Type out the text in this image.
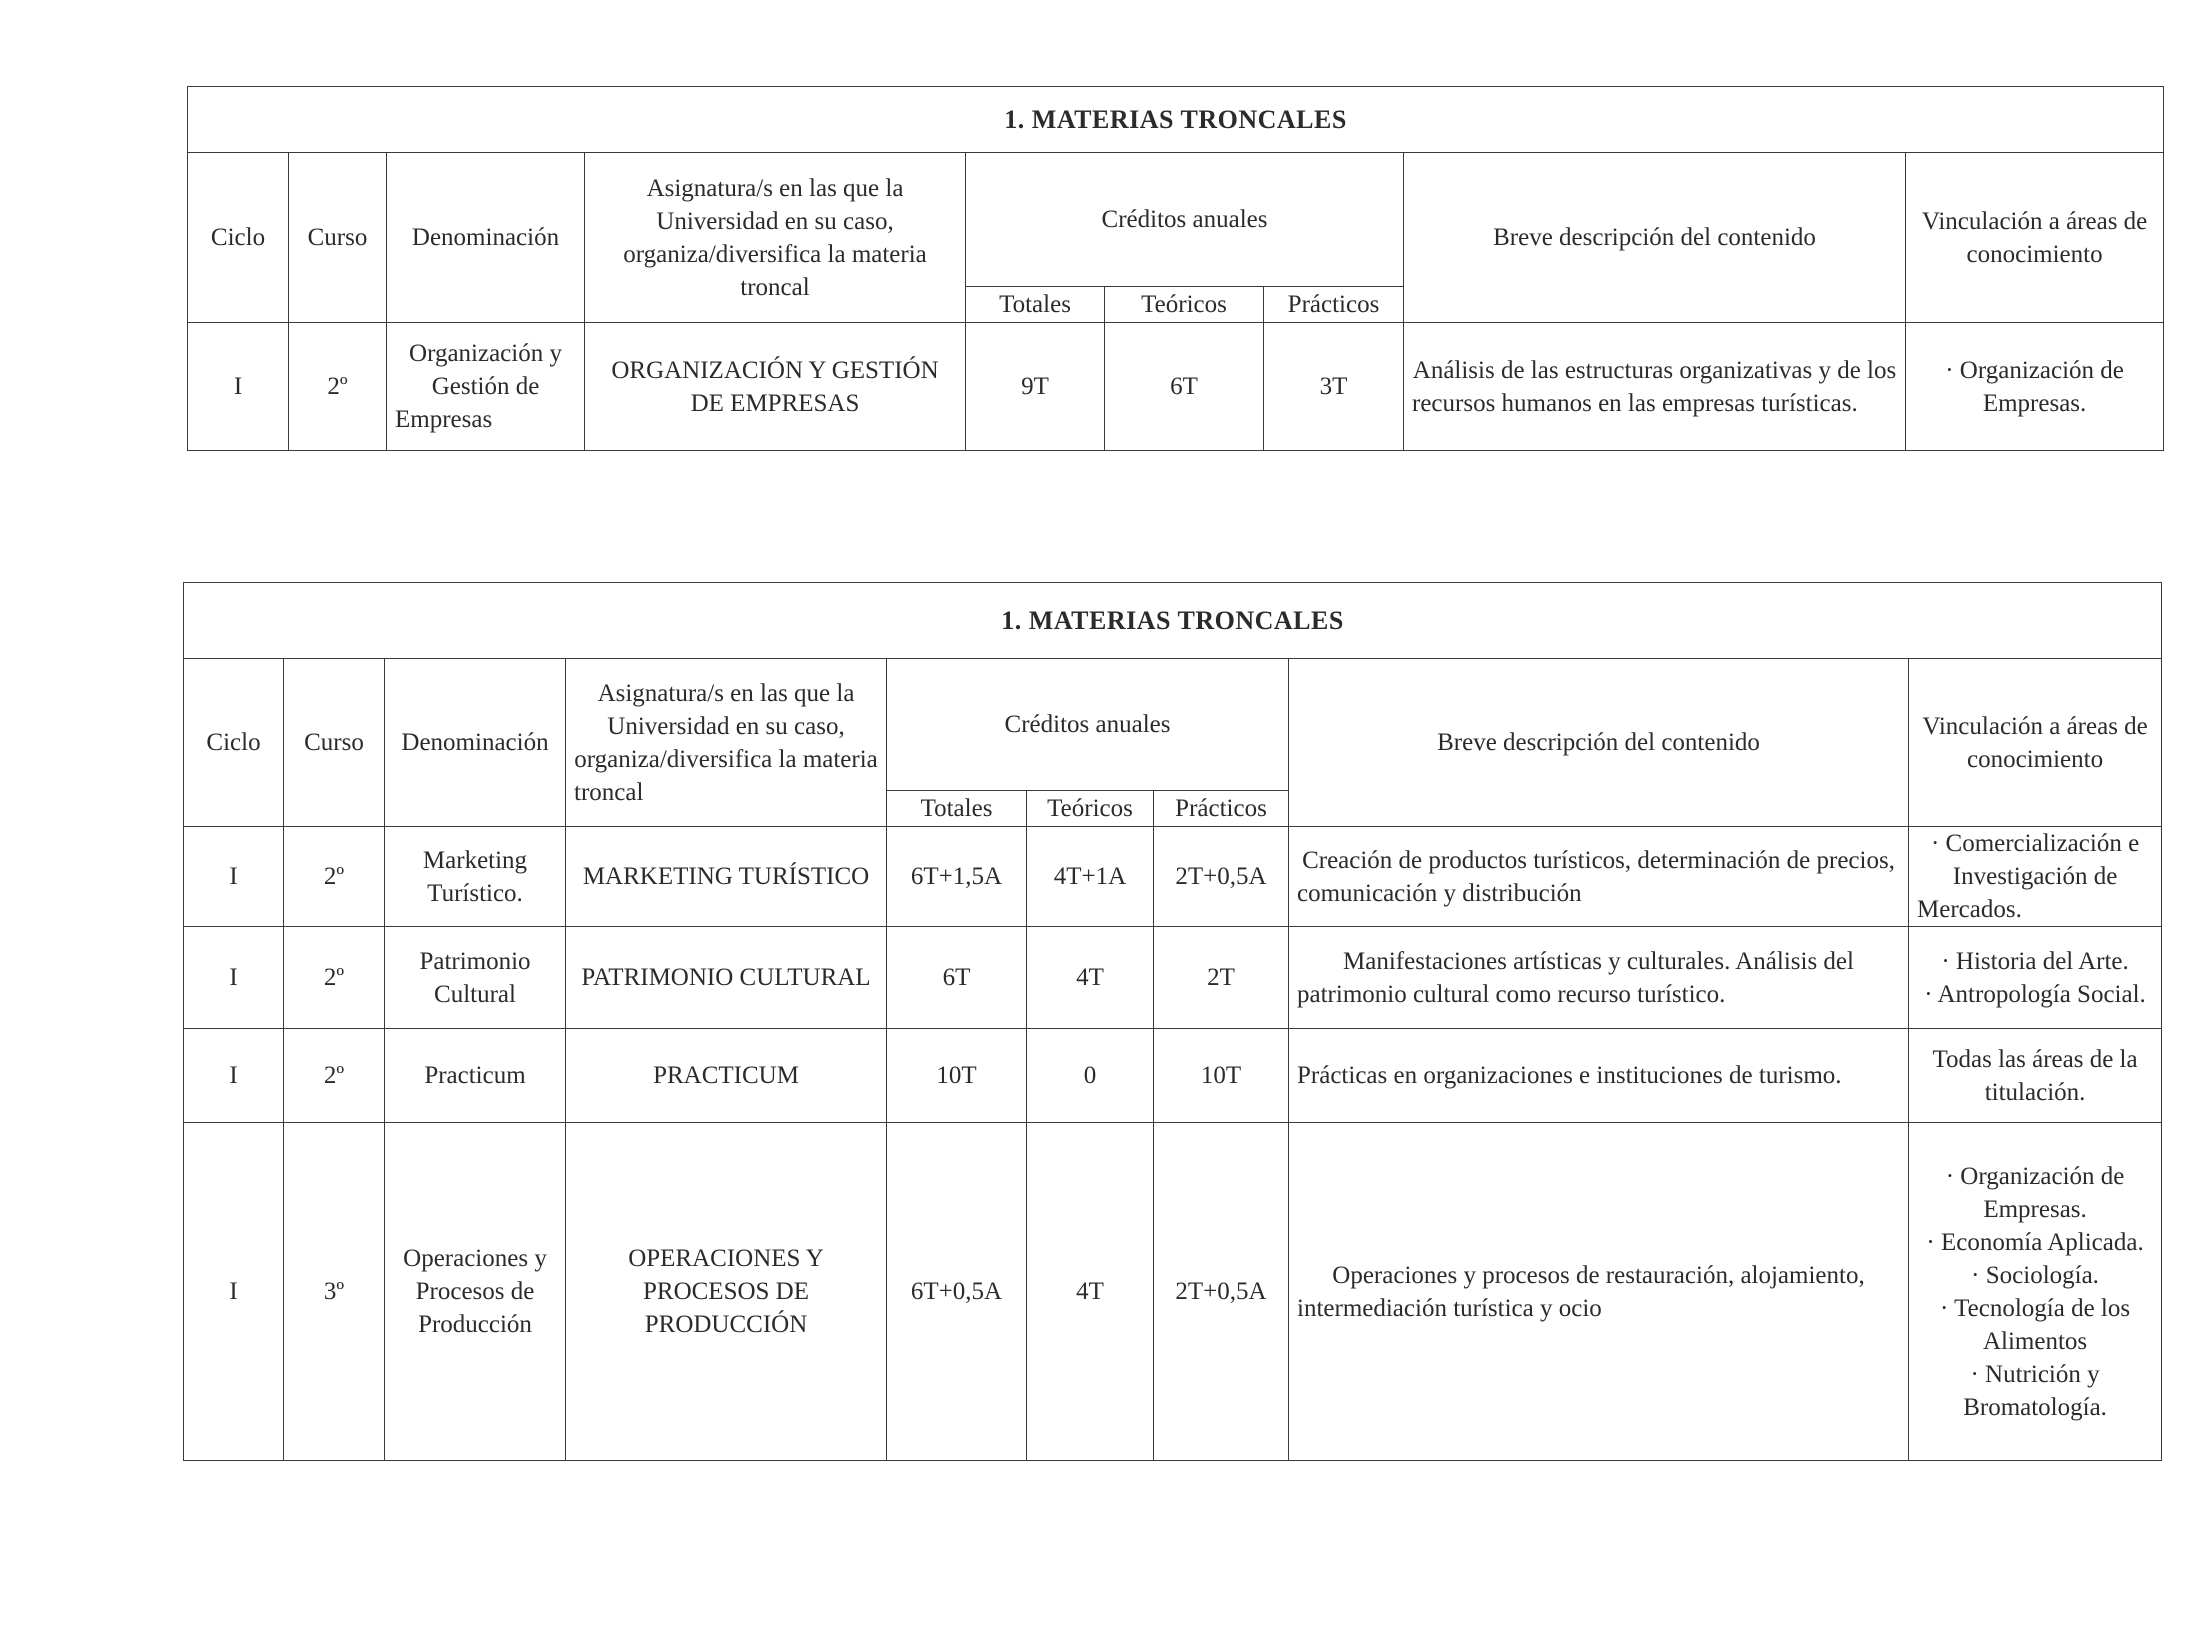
1. MATERIAS TRONCALES								
Ciclo	Curso	Denominación	Asignatura/s en las que la Universidad en su caso, organiza/diversifica la materia troncal	Créditos anuales			Breve descripción del contenido	Vinculación a áreas de conocimiento
				Totales	Teóricos	Prácticos		
I	2º	Organización y Gestión de Empresas	ORGANIZACIÓN Y GESTIÓN DE EMPRESAS	9T	6T	3T	Análisis de las estructuras organizativas y de los recursos humanos en las empresas turísticas.	· Organización de Empresas.
1. MATERIAS TRONCALES								
Ciclo	Curso	Denominación	Asignatura/s en las que la Universidad en su caso, organiza/diversifica la materia troncal	Créditos anuales			Breve descripción del contenido	Vinculación a áreas de conocimiento
				Totales	Teóricos	Prácticos		
I	2º	Marketing Turístico.	MARKETING TURÍSTICO	6T+1,5A	4T+1A	2T+0,5A	Creación de productos turísticos, determinación de precios, comunicación y distribución	· Comercialización e Investigación de Mercados.
I	2º	Patrimonio Cultural	PATRIMONIO CULTURAL	6T	4T	2T	Manifestaciones artísticas y culturales. Análisis del patrimonio cultural como recurso turístico.	· Historia del Arte.
· Antropología Social.

I	2º	Practicum	PRACTICUM	10T	0	10T	Prácticas en organizaciones e instituciones de turismo.	Todas las áreas de la titulación.
I	3º	Operaciones y Procesos de Producción	OPERACIONES Y PROCESOS DE PRODUCCIÓN	6T+0,5A	4T	2T+0,5A	Operaciones y procesos de restauración, alojamiento, intermediación turística y ocio	· Organización de Empresas.
· Economía Aplicada.
· Sociología.
· Tecnología de los Alimentos
· Nutrición y Bromatología.
